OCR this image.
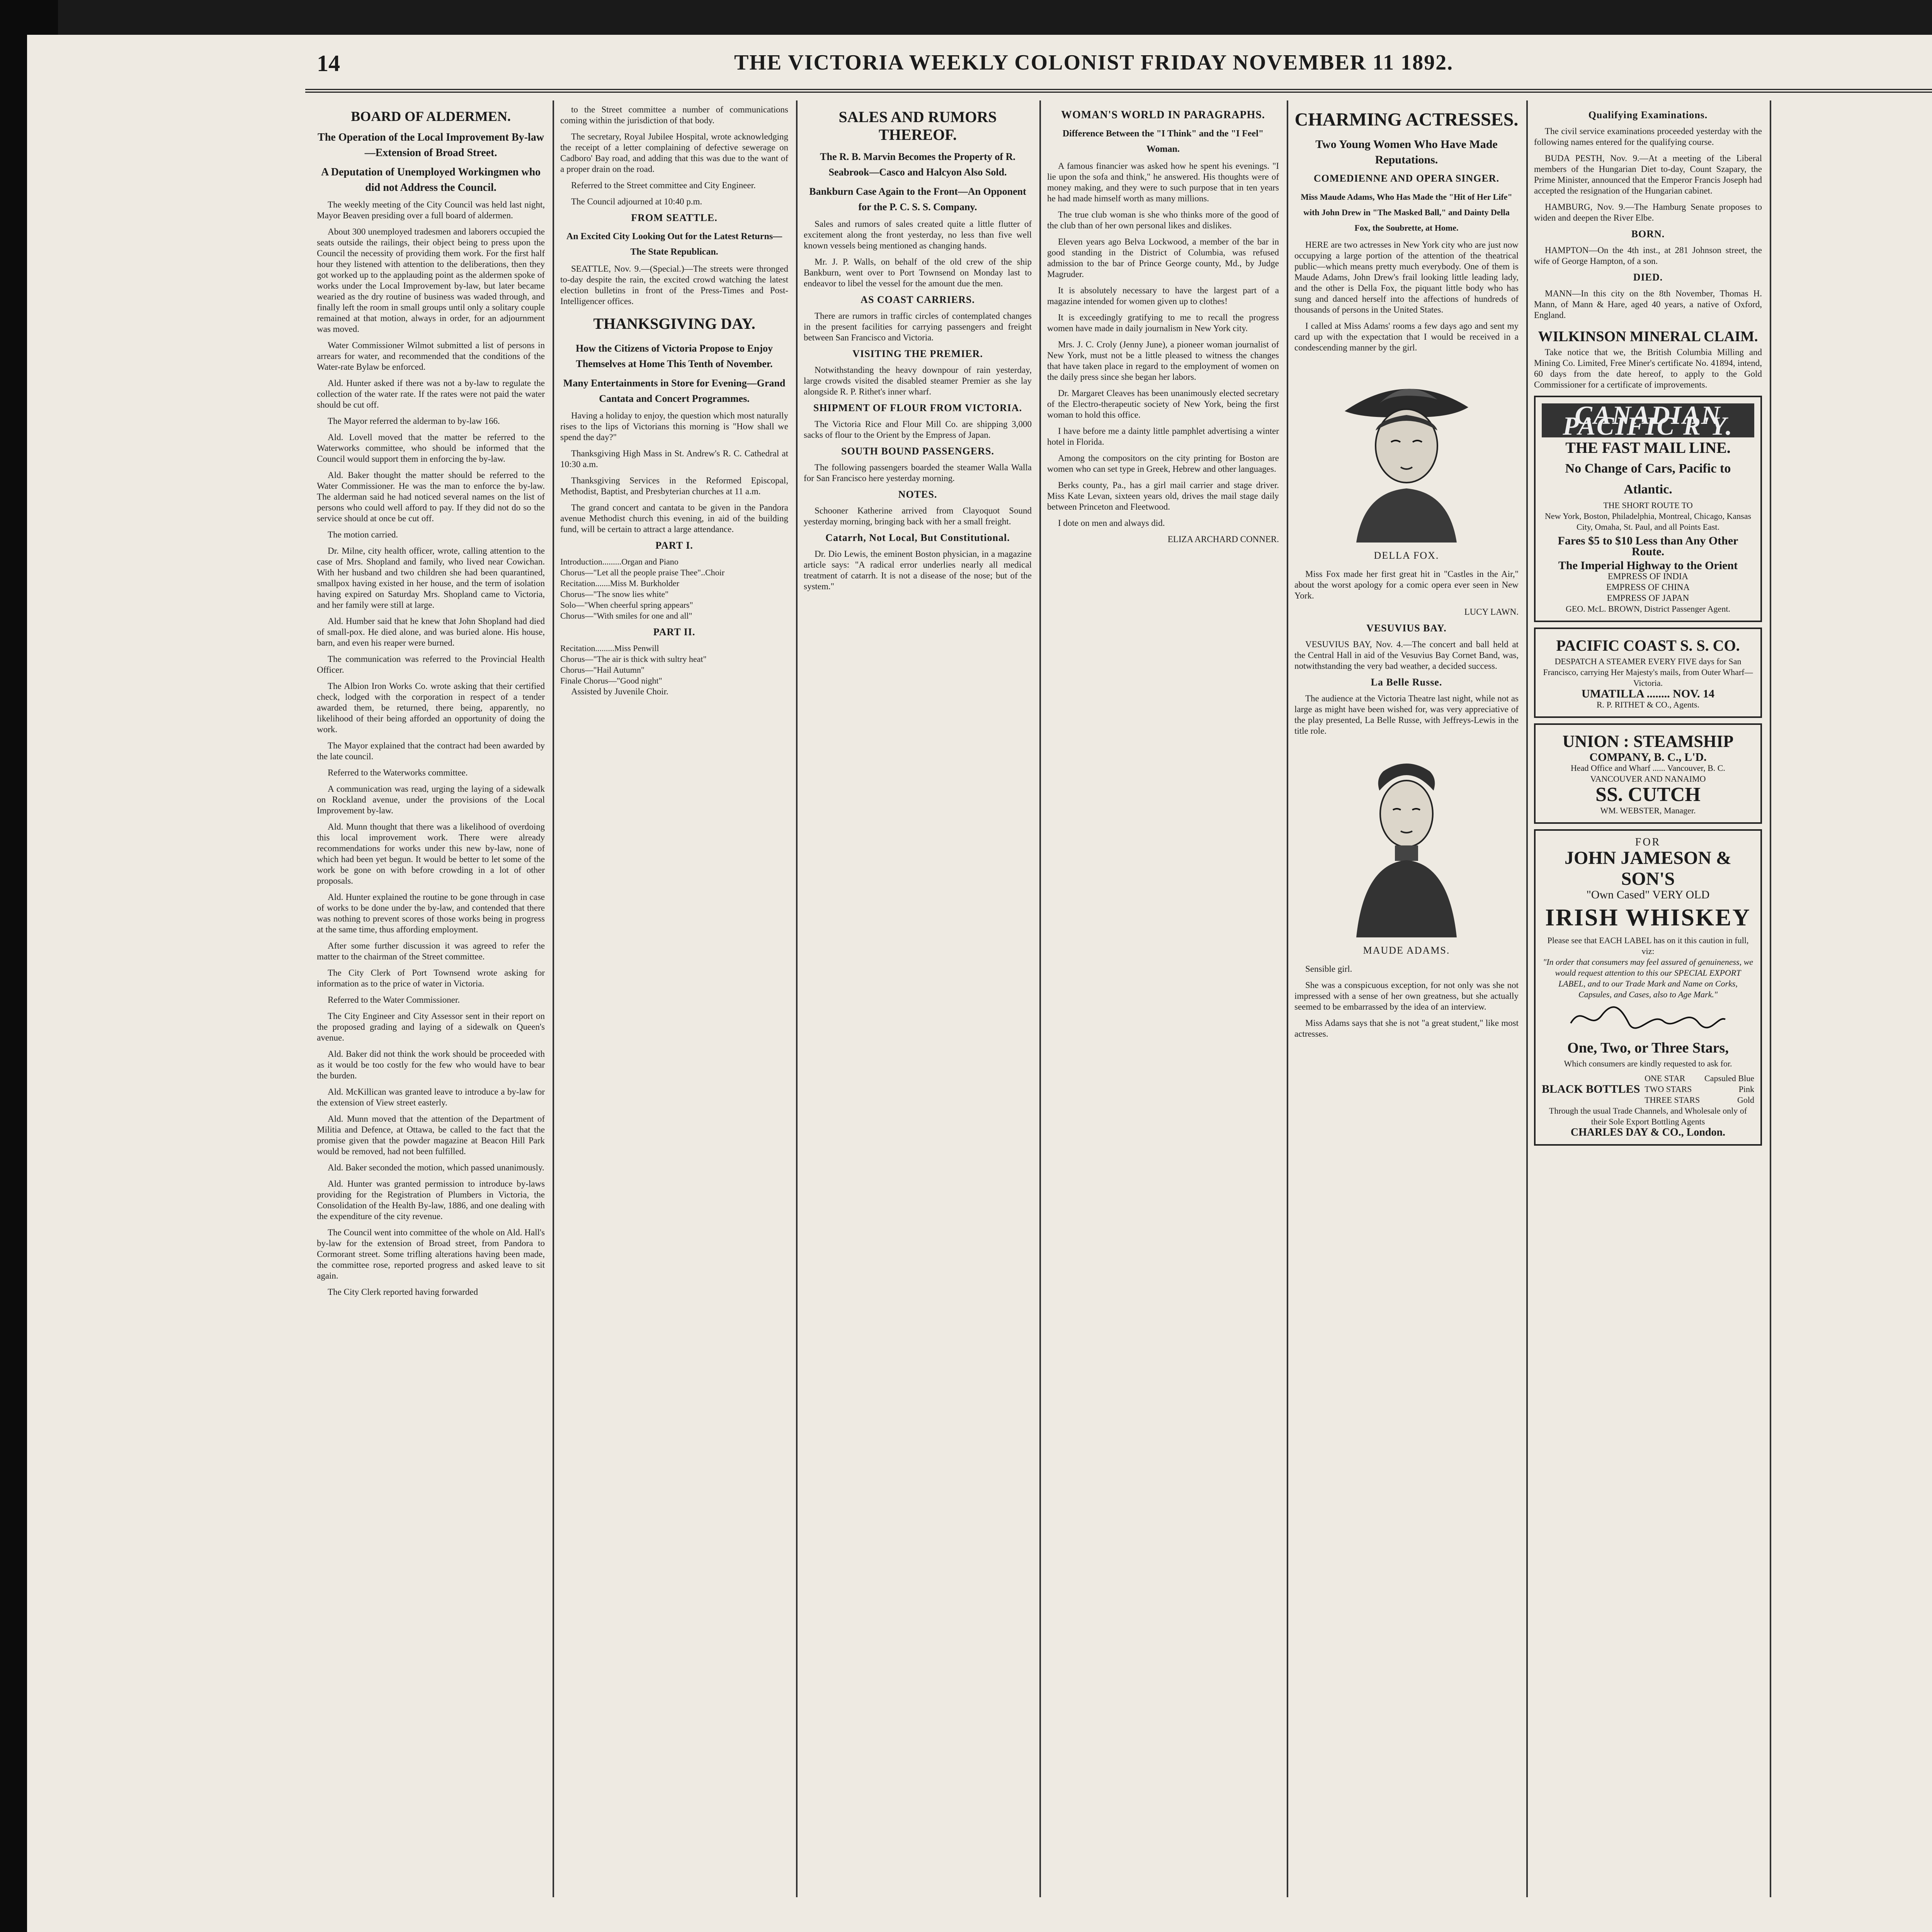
14	THE VICTORIA WEEKLY COLONIST FRIDAY NOVEMBER 11 1892.
BOARD OF ALDERMEN.
The Operation of the Local Improvement By-law—Extension of Broad Street.
A Deputation of Unemployed Workingmen who did not Address the Council.

The weekly meeting of the City Council was held last night, Mayor Beaven presiding over a full board of aldermen.

About 300 unemployed tradesmen and laborers occupied the seats outside the railings, their object being to press upon the Council the necessity of providing them work. For the first half hour they listened with attention to the deliberations, then they got worked up to the applauding point as the aldermen spoke of works under the Local Improvement by-law, but later became wearied as the dry routine of business was waded through, and finally left the room in small groups until only a solitary couple remained at that motion, always in order, for an adjournment was moved.

Water Commissioner Wilmot submitted a list of persons in arrears for water, and recommended that the conditions of the Water-rate Bylaw be enforced.

Ald. Hunter asked if there was not a by-law to regulate the collection of the water rate. If the rates were not paid the water should be cut off.

The Mayor referred the alderman to by-law 166.

Ald. Lovell moved that the matter be referred to the Waterworks committee, who should be informed that the Council would support them in enforcing the by-law.

Ald. Baker thought the matter should be referred to the Water Commissioner. He was the man to enforce the by-law. The alderman said he had noticed several names on the list of persons who could well afford to pay. If they did not do so the service should at once be cut off.

The motion carried.

Dr. Milne, city health officer, wrote, calling attention to the case of Mrs. Shopland and family, who lived near Cowichan. With her husband and two children she had been quarantined, smallpox having existed in her house, and the term of isolation having expired on Saturday Mrs. Shopland came to Victoria, and her family were still at large.

Ald. Humber said that he knew that John Shopland had died of small-pox. He died alone, and was buried alone. His house, barn, and even his reaper were burned.

The communication was referred to the Provincial Health Officer.

The Albion Iron Works Co. wrote asking that their certified check, lodged with the corporation in respect of a tender awarded them, be returned, there being, apparently, no likelihood of their being afforded an opportunity of doing the work.

The Mayor explained that the contract had been awarded by the late council.

Referred to the Waterworks committee.

A communication was read, urging the laying of a sidewalk on Rockland avenue, under the provisions of the Local Improvement by-law.

Ald. Munn thought that there was a likelihood of overdoing this local improvement work. There were already recommendations for works under this new by-law, none of which had been yet begun. It would be better to let some of the work be gone on with before crowding in a lot of other proposals.

Ald. Hunter explained the routine to be gone through in case of works to be done under the by-law, and contended that there was nothing to prevent scores of those works being in progress at the same time, thus affording employment.

After some further discussion it was agreed to refer the matter to the chairman of the Street committee.

The City Clerk of Port Townsend wrote asking for information as to the price of water in Victoria.

Referred to the Water Commissioner.

The City Engineer and City Assessor sent in their report on the proposed grading and laying of a sidewalk on Queen's avenue.

Ald. Baker did not think the work should be proceeded with as it would be too costly for the few who would have to bear the burden.

Ald. McKillican was granted leave to introduce a by-law for the extension of View street easterly.

Ald. Munn moved that the attention of the Department of Militia and Defence, at Ottawa, be called to the fact that the promise given that the powder magazine at Beacon Hill Park would be removed, had not been fulfilled.

Ald. Baker seconded the motion, which passed unanimously.

Ald. Hunter was granted permission to introduce by-laws providing for the Registration of Plumbers in Victoria, the Consolidation of the Health By-law, 1886, and one dealing with the expenditure of the city revenue.

The Council went into committee of the whole on Ald. Hall's by-law for the extension of Broad street, from Pandora to Cormorant street. Some trifling alterations having been made, the committee rose, reported progress and asked leave to sit again.

The City Clerk reported having forwarded

to the Street committee a number of communications coming within the jurisdiction of that body.

The secretary, Royal Jubilee Hospital, wrote acknowledging the receipt of a letter complaining of defective sewerage on Cadboro' Bay road, and adding that this was due to the want of a proper drain on the road.

Referred to the Street committee and City Engineer.

The Council adjourned at 10:40 p.m.

FROM SEATTLE.
An Excited City Looking Out for the Latest Returns—The State Republican.

SEATTLE, Nov. 9.—(Special.)—The streets were thronged to-day despite the rain, the excited crowd watching the latest election bulletins in front of the Press-Times and Post-Intelligencer offices.

THANKSGIVING DAY.
How the Citizens of Victoria Propose to Enjoy Themselves at Home This Tenth of November.
Many Entertainments in Store for Evening—Grand Cantata and Concert Programmes.

Having a holiday to enjoy, the question which most naturally rises to the lips of Victorians this morning is "How shall we spend the day?"

Thanksgiving High Mass in St. Andrew's R. C. Cathedral at 10:30 a.m.

Thanksgiving Services in the Reformed Episcopal, Methodist, Baptist, and Presbyterian churches at 11 a.m.

The grand concert and cantata to be given in the Pandora avenue Methodist church this evening, in aid of the building fund, will be certain to attract a large attendance.

PART I.
Introduction.........Organ and Piano
Chorus—"Let all the people praise Thee"..Choir
Recitation.......Miss M. Burkholder
Chorus—"The snow lies white"
Solo—"When cheerful spring appears"
Chorus—"With smiles for one and all"
PART II.
Recitation.........Miss Penwill
Chorus—"The air is thick with sultry heat"
Chorus—"Hail Autumn"
Finale Chorus—"Good night"

Assisted by Juvenile Choir.

SALES AND RUMORS THEREOF.
The R. B. Marvin Becomes the Property of R. Seabrook—Casco and Halcyon Also Sold.
Bankburn Case Again to the Front—An Opponent for the P. C. S. S. Company.

Sales and rumors of sales created quite a little flutter of excitement along the front yesterday, no less than five well known vessels being mentioned as changing hands.

Mr. J. P. Walls, on behalf of the old crew of the ship Bankburn, went over to Port Townsend on Monday last to endeavor to libel the vessel for the amount due the men.

AS COAST CARRIERS.

There are rumors in traffic circles of contemplated changes in the present facilities for carrying passengers and freight between San Francisco and Victoria.

VISITING THE PREMIER.

Notwithstanding the heavy downpour of rain yesterday, large crowds visited the disabled steamer Premier as she lay alongside R. P. Rithet's inner wharf.

SHIPMENT OF FLOUR FROM VICTORIA.

The Victoria Rice and Flour Mill Co. are shipping 3,000 sacks of flour to the Orient by the Empress of Japan.

SOUTH BOUND PASSENGERS.

The following passengers boarded the steamer Walla Walla for San Francisco here yesterday morning.

NOTES.

Schooner Katherine arrived from Clayoquot Sound yesterday morning, bringing back with her a small freight.

Catarrh, Not Local, But Constitutional.

Dr. Dio Lewis, the eminent Boston physician, in a magazine article says: "A radical error underlies nearly all medical treatment of catarrh. It is not a disease of the nose; but of the system."

WOMAN'S WORLD IN PARAGRAPHS.
Difference Between the "I Think" and the "I Feel" Woman.

A famous financier was asked how he spent his evenings. "I lie upon the sofa and think," he answered. His thoughts were of money making, and they were to such purpose that in ten years he had made himself worth as many millions.

The true club woman is she who thinks more of the good of the club than of her own personal likes and dislikes.

Eleven years ago Belva Lockwood, a member of the bar in good standing in the District of Columbia, was refused admission to the bar of Prince George county, Md., by Judge Magruder.

It is absolutely necessary to have the largest part of a magazine intended for women given up to clothes!

It is exceedingly gratifying to me to recall the progress women have made in daily journalism in New York city.

Mrs. J. C. Croly (Jenny June), a pioneer woman journalist of New York, must not be a little pleased to witness the changes that have taken place in regard to the employment of women on the daily press since she began her labors.

Dr. Margaret Cleaves has been unanimously elected secretary of the Electro-therapeutic society of New York, being the first woman to hold this office.

I have before me a dainty little pamphlet advertising a winter hotel in Florida.

Among the compositors on the city printing for Boston are women who can set type in Greek, Hebrew and other languages.

Berks county, Pa., has a girl mail carrier and stage driver. Miss Kate Levan, sixteen years old, drives the mail stage daily between Princeton and Fleetwood.

I dote on men and always did.

ELIZA ARCHARD CONNER.
CHARMING ACTRESSES.
Two Young Women Who Have Made Reputations.
COMEDIENNE AND OPERA SINGER.
Miss Maude Adams, Who Has Made the "Hit of Her Life" with John Drew in "The Masked Ball," and Dainty Della Fox, the Soubrette, at Home.

HERE are two actresses in New York city who are just now occupying a large portion of the attention of the theatrical public—which means pretty much everybody. One of them is Maude Adams, John Drew's frail looking little leading lady, and the other is Della Fox, the piquant little body who has sung and danced herself into the affections of hundreds of thousands of persons in the United States.

I called at Miss Adams' rooms a few days ago and sent my card up with the expectation that I would be received in a condescending manner by the girl.

DELLA FOX.

Miss Fox made her first great hit in "Castles in the Air," about the worst apology for a comic opera ever seen in New York.

LUCY LAWN.
VESUVIUS BAY.

VESUVIUS BAY, Nov. 4.—The concert and ball held at the Central Hall in aid of the Vesuvius Bay Cornet Band, was, notwithstanding the very bad weather, a decided success.

La Belle Russe.

The audience at the Victoria Theatre last night, while not as large as might have been wished for, was very appreciative of the play presented, La Belle Russe, with Jeffreys-Lewis in the title role.

MAUDE ADAMS.

Sensible girl.

She was a conspicuous exception, for not only was she not impressed with a sense of her own greatness, but she actually seemed to be embarrassed by the idea of an interview.

Miss Adams says that she is not "a great student," like most actresses.

Qualifying Examinations.

The civil service examinations proceeded yesterday with the following names entered for the qualifying course.

BUDA PESTH, Nov. 9.—At a meeting of the Liberal members of the Hungarian Diet to-day, Count Szapary, the Prime Minister, announced that the Emperor Francis Joseph had accepted the resignation of the Hungarian cabinet.

HAMBURG, Nov. 9.—The Hamburg Senate proposes to widen and deepen the River Elbe.

BORN.

HAMPTON—On the 4th inst., at 281 Johnson street, the wife of George Hampton, of a son.

DIED.

MANN—In this city on the 8th November, Thomas H. Mann, of Mann & Hare, aged 40 years, a native of Oxford, England.

WILKINSON MINERAL CLAIM.

Take notice that we, the British Columbia Milling and Mining Co. Limited, Free Miner's certificate No. 41894, intend, 60 days from the date hereof, to apply to the Gold Commissioner for a certificate of improvements.

CANADIAN PACIFIC R'Y.
THE FAST MAIL LINE.
No Change of Cars, Pacific to Atlantic.
THE SHORT ROUTE TO
New York, Boston, Philadelphia, Montreal, Chicago, Kansas City, Omaha, St. Paul, and all Points East.
Fares $5 to $10 Less than Any Other Route.
The Imperial Highway to the Orient
EMPRESS OF INDIA
EMPRESS OF CHINA
EMPRESS OF JAPAN
GEO. McL. BROWN, District Passenger Agent.
PACIFIC COAST S. S. CO.
DESPATCH A STEAMER EVERY FIVE days for San Francisco, carrying Her Majesty's mails, from Outer Wharf—Victoria.
UMATILLA ........ NOV. 14
R. P. RITHET & CO., Agents.
UNION : STEAMSHIP
COMPANY, B. C., L'D.
Head Office and Wharf ...... Vancouver, B. C.
VANCOUVER AND NANAIMO
SS. CUTCH
WM. WEBSTER, Manager.
FOR
JOHN JAMESON & SON'S
"Own Cased" VERY OLD
IRISH WHISKEY
Please see that EACH LABEL has on it this caution in full, viz:
"In order that consumers may feel assured of genuineness, we would request attention to this our SPECIAL EXPORT LABEL, and to our Trade Mark and Name on Corks, Capsules, and Cases, also to Age Mark."
One, Two, or Three Stars,
Which consumers are kindly requested to ask for.
BLACK BOTTLES
ONE STAR
TWO STARS
THREE STARS
Capsuled Blue
Pink
Gold
Through the usual Trade Channels, and Wholesale only of their Sole Export Bottling Agents
CHARLES DAY & CO., London.
